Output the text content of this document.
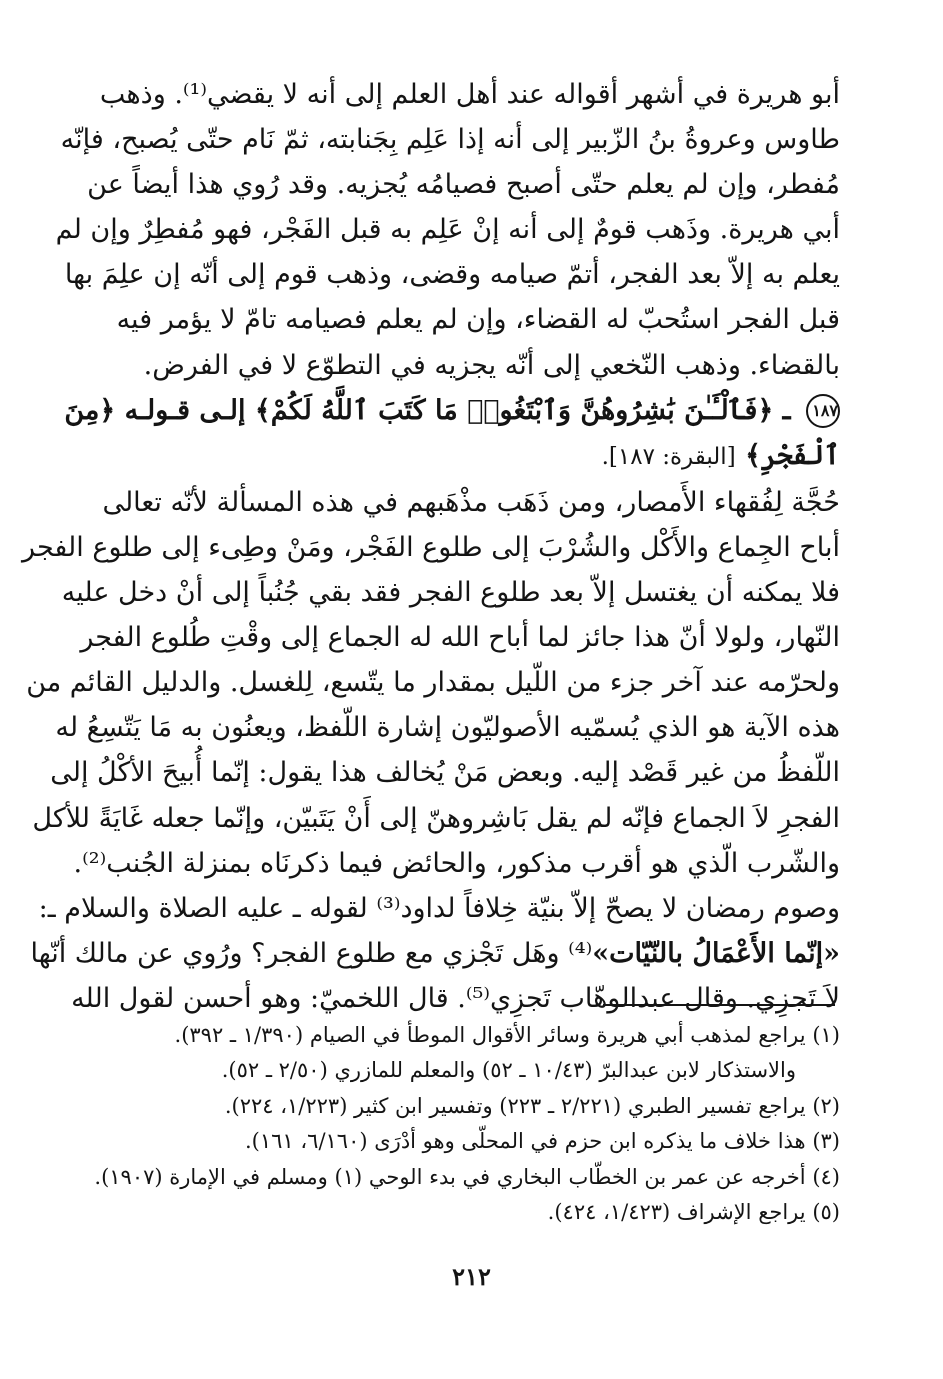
أبو هريرة في أشهر أقواله عند أهل العلم إلى أنه لا يقضي⁽¹⁾. وذهب
طاوس وعروةُ بنُ الزّبير إلى أنه إذا عَلِم بِجَنابته، ثمّ نَام حتّى يُصبح، فإنّه
مُفطر، وإن لم يعلم حتّى أصبح فصيامُه يُجزيه. وقد رُوي هذا أيضاً عن
أبي هريرة. وذَهب قومٌ إلى أنه إنْ عَلِم به قبل الفَجْر، فهو مُفطِرٌ وإن لم
يعلم به إلاّ بعد الفجر، أتمّ صيامه وقضى، وذهب قوم إلى أنّه إن علِمَ بها
قبل الفجر استُحبّ له القضاء، وإن لم يعلم فصيامه تامّ لا يؤمر فيه
بالقضاء. وذهب النّخعي إلى أنّه يجزيه في التطوّع لا في الفرض.
١٨٧ ـ ﴿فَٱلْـَٔـٰنَ بَٰشِرُوهُنَّ وَٱبْتَغُوا۟ مَا كَتَبَ ٱللَّهُ لَكُمْ﴾ إلـى قـولـه ﴿مِنَ
ٱلْفَجْرِ﴾ [البقرة: ١٨٧].
حُجَّة لِفُقهاء الأَمصار، ومن ذَهَب مذْهَبهم في هذه المسألة لأنّه تعالى
أباح الجِماع والأَكْل والشُرْبَ إلى طلوع الفَجْر، ومَنْ وطِىء إلى طلوع الفجر
فلا يمكنه أن يغتسل إلاّ بعد طلوع الفجر فقد بقي جُنُباً إلى أنْ دخل عليه
النّهار، ولولا أنّ هذا جائز لما أباح الله له الجماع إلى وقْتِ طُلوع الفجر
ولحرّمه عند آخر جزء من اللّيل بمقدار ما يتّسع، لِلغسل. والدليل القائم من
هذه الآية هو الذي يُسمّيه الأصوليّون إشارة اللّفظ، ويعنُون به مَا يَتّسِعُ له
اللّفظُ من غير قَصْد إليه. وبعض مَنْ يُخالف هذا يقول: إنّما أُبيحَ الأكْلُ إلى
الفجرِ لاَ الجماع فإنّه لم يقل بَاشِروهنّ إلى أَنْ يَتَبيّن، وإنّما جعله غَايَةً للأكل
والشّرب الّذي هو أقرب مذكور، والحائض فيما ذكرنَاه بمنزلة الجُنب⁽²⁾.
وصوم رمضان لا يصحّ إلاّ بنيّة خِلافاً لداود⁽³⁾ لقوله ـ عليه الصلاة والسلام ـ:
«إنّما الأَعْمَالُ بالنّيّات»⁽⁴⁾ وهَل تَجْزي مع طلوع الفجر؟ ورُوي عن مالك أنّها
لاَ تَجزِي. وقال عبدالوهّاب تَجزِي⁽⁵⁾. قال اللخميّ: وهو أحسن لقول الله
(١) يراجع لمذهب أبي هريرة وسائر الأقوال الموطأ في الصيام (١/٣٩٠ ـ ٣٩٢).
والاستذكار لابن عبدالبرّ (١٠/٤٣ ـ ٥٢) والمعلم للمازري (٢/٥٠ ـ ٥٢).
(٢) يراجع تفسير الطبري (٢/٢٢١ ـ ٢٢٣) وتفسير ابن كثير (١/٢٢٣، ٢٢٤).
(٣) هذا خلاف ما يذكره ابن حزم في المحلّى وهو أدْرَى (٦/١٦٠، ١٦١).
(٤) أخرجه عن عمر بن الخطّاب البخاري في بدء الوحي (١) ومسلم في الإمارة (١٩٠٧).
(٥) يراجع الإشراف (١/٤٢٣، ٤٢٤).
٢١٢
